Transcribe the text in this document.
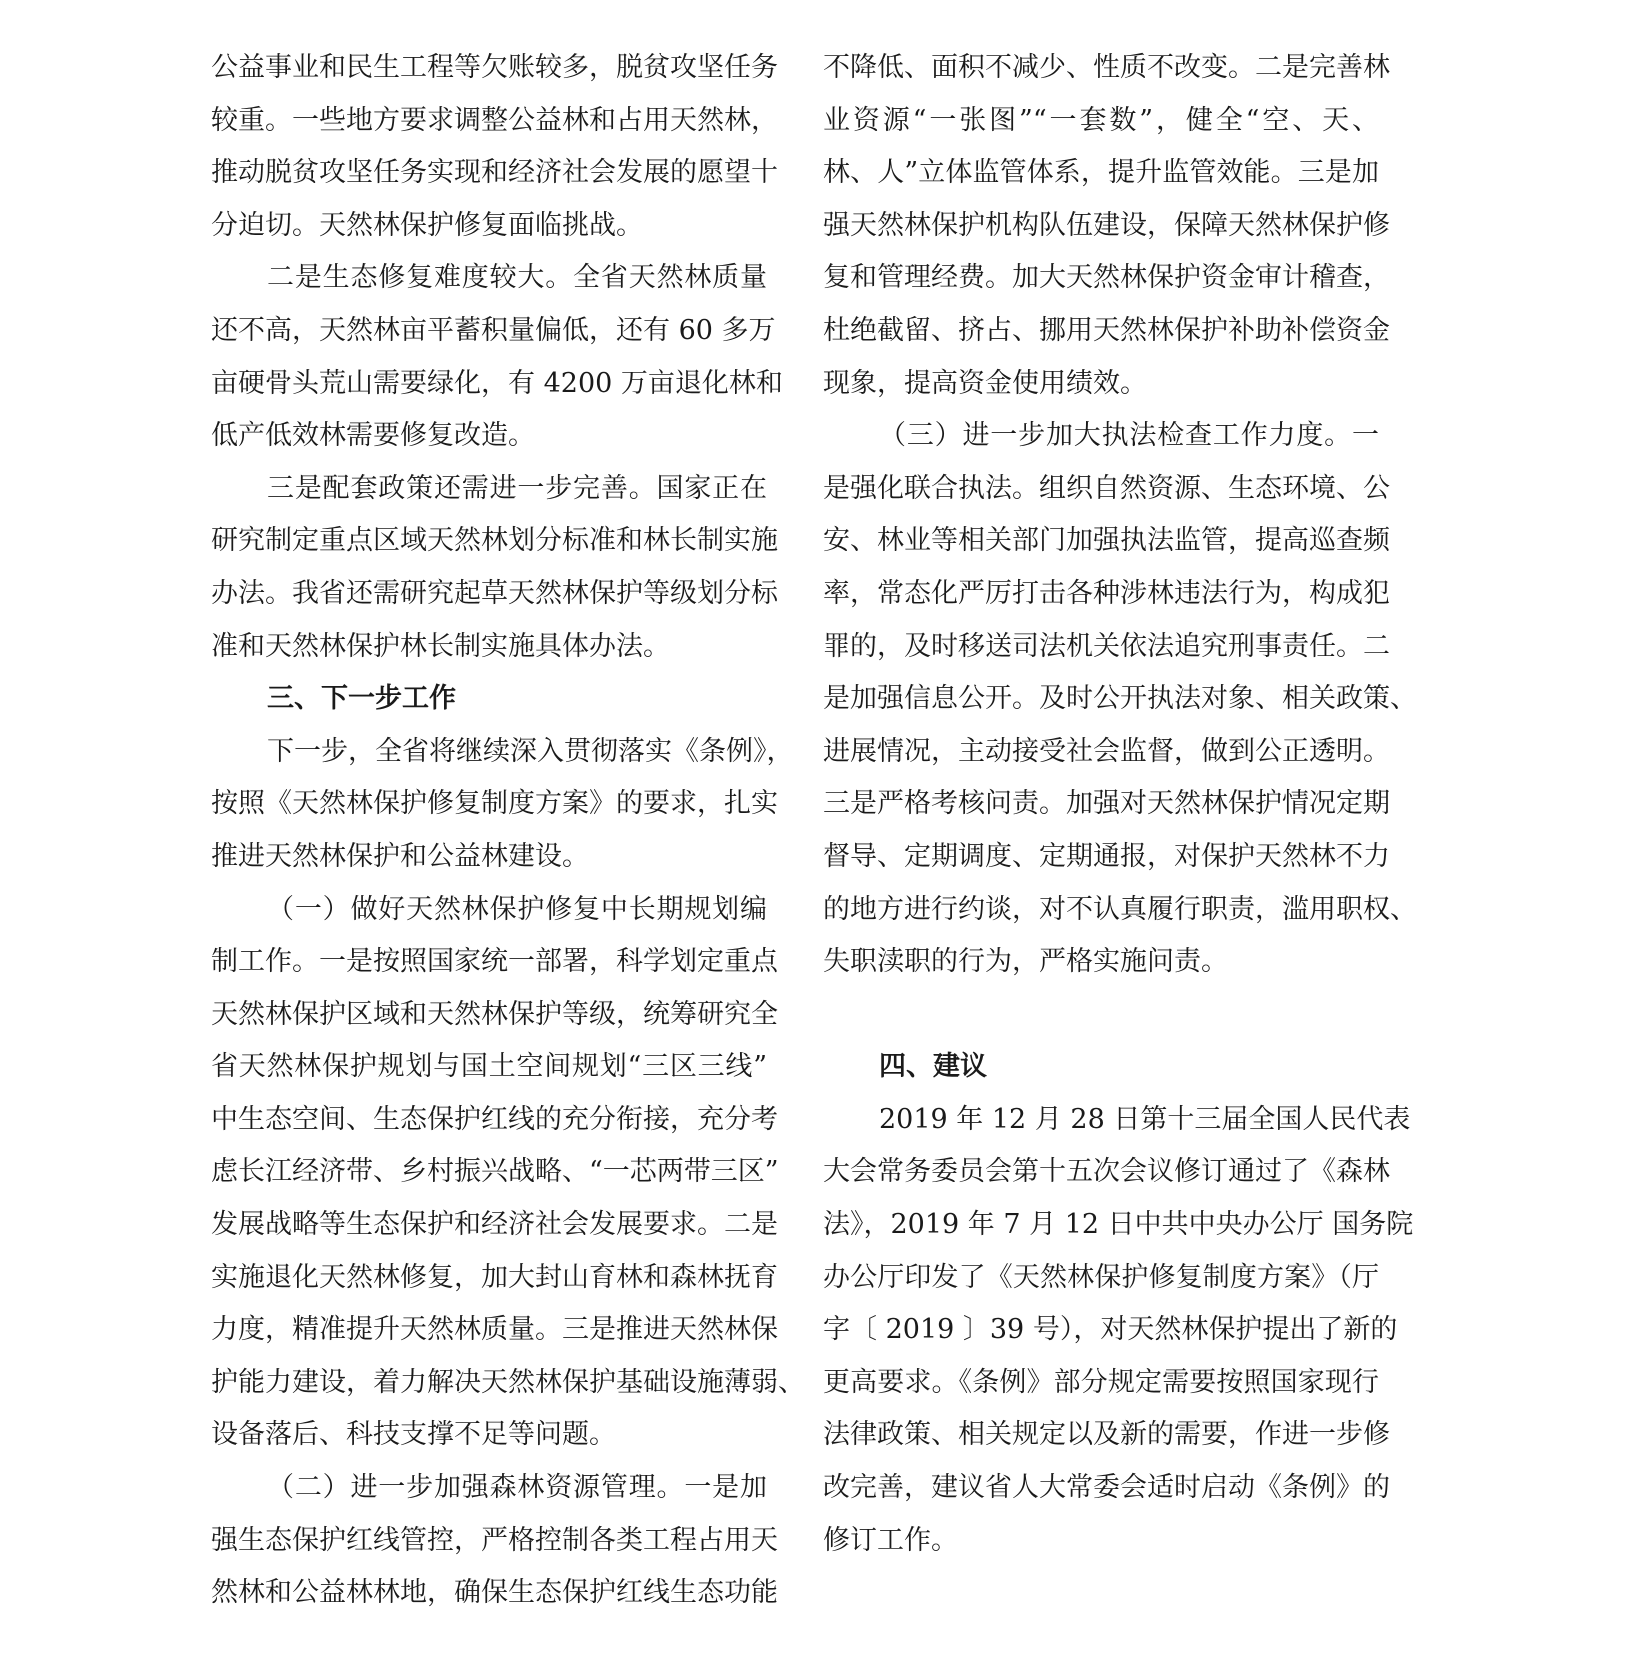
公益事业和民生工程等欠账较多，脱贫攻坚任务
较重。一些地方要求调整公益林和占用天然林，
推动脱贫攻坚任务实现和经济社会发展的愿望十
分迫切。天然林保护修复面临挑战。
二是生态修复难度较大。全省天然林质量
还不高，天然林亩平蓄积量偏低，还有 60 多万
亩硬骨头荒山需要绿化，有 4200 万亩退化林和
低产低效林需要修复改造。
三是配套政策还需进一步完善。国家正在
研究制定重点区域天然林划分标准和林长制实施
办法。我省还需研究起草天然林保护等级划分标
准和天然林保护林长制实施具体办法。
三、下一步工作
下一步，全省将继续深入贯彻落实《条例》，
按照《天然林保护修复制度方案》的要求，扎实
推进天然林保护和公益林建设。
（一）做好天然林保护修复中长期规划编
制工作。一是按照国家统一部署，科学划定重点
天然林保护区域和天然林保护等级，统筹研究全
省天然林保护规划与国土空间规划“三区三线”
中生态空间、生态保护红线的充分衔接，充分考
虑长江经济带、乡村振兴战略、“一芯两带三区”
发展战略等生态保护和经济社会发展要求。二是
实施退化天然林修复，加大封山育林和森林抚育
力度，精准提升天然林质量。三是推进天然林保
护能力建设，着力解决天然林保护基础设施薄弱、
设备落后、科技支撑不足等问题。
（二）进一步加强森林资源管理。一是加
强生态保护红线管控，严格控制各类工程占用天
然林和公益林林地，确保生态保护红线生态功能
不降低、面积不减少、性质不改变。二是完善林
业资源“一张图”“一套数”，健全“空、天、
林、人”立体监管体系，提升监管效能。三是加
强天然林保护机构队伍建设，保障天然林保护修
复和管理经费。加大天然林保护资金审计稽查，
杜绝截留、挤占、挪用天然林保护补助补偿资金
现象，提高资金使用绩效。
（三）进一步加大执法检查工作力度。一
是强化联合执法。组织自然资源、生态环境、公
安、林业等相关部门加强执法监管，提高巡查频
率，常态化严厉打击各种涉林违法行为，构成犯
罪的，及时移送司法机关依法追究刑事责任。二
是加强信息公开。及时公开执法对象、相关政策、
进展情况，主动接受社会监督，做到公正透明。
三是严格考核问责。加强对天然林保护情况定期
督导、定期调度、定期通报，对保护天然林不力
的地方进行约谈，对不认真履行职责，滥用职权、
失职渎职的行为，严格实施问责。
四、建议
2019 年 12 月 28 日第十三届全国人民代表
大会常务委员会第十五次会议修订通过了《森林
法》，2019 年 7 月 12 日中共中央办公厅 国务院
办公厅印发了《天然林保护修复制度方案》（厅
字〔 2019 〕39 号），对天然林保护提出了新的
更高要求。《条例》部分规定需要按照国家现行
法律政策、相关规定以及新的需要，作进一步修
改完善，建议省人大常委会适时启动《条例》的
修订工作。
